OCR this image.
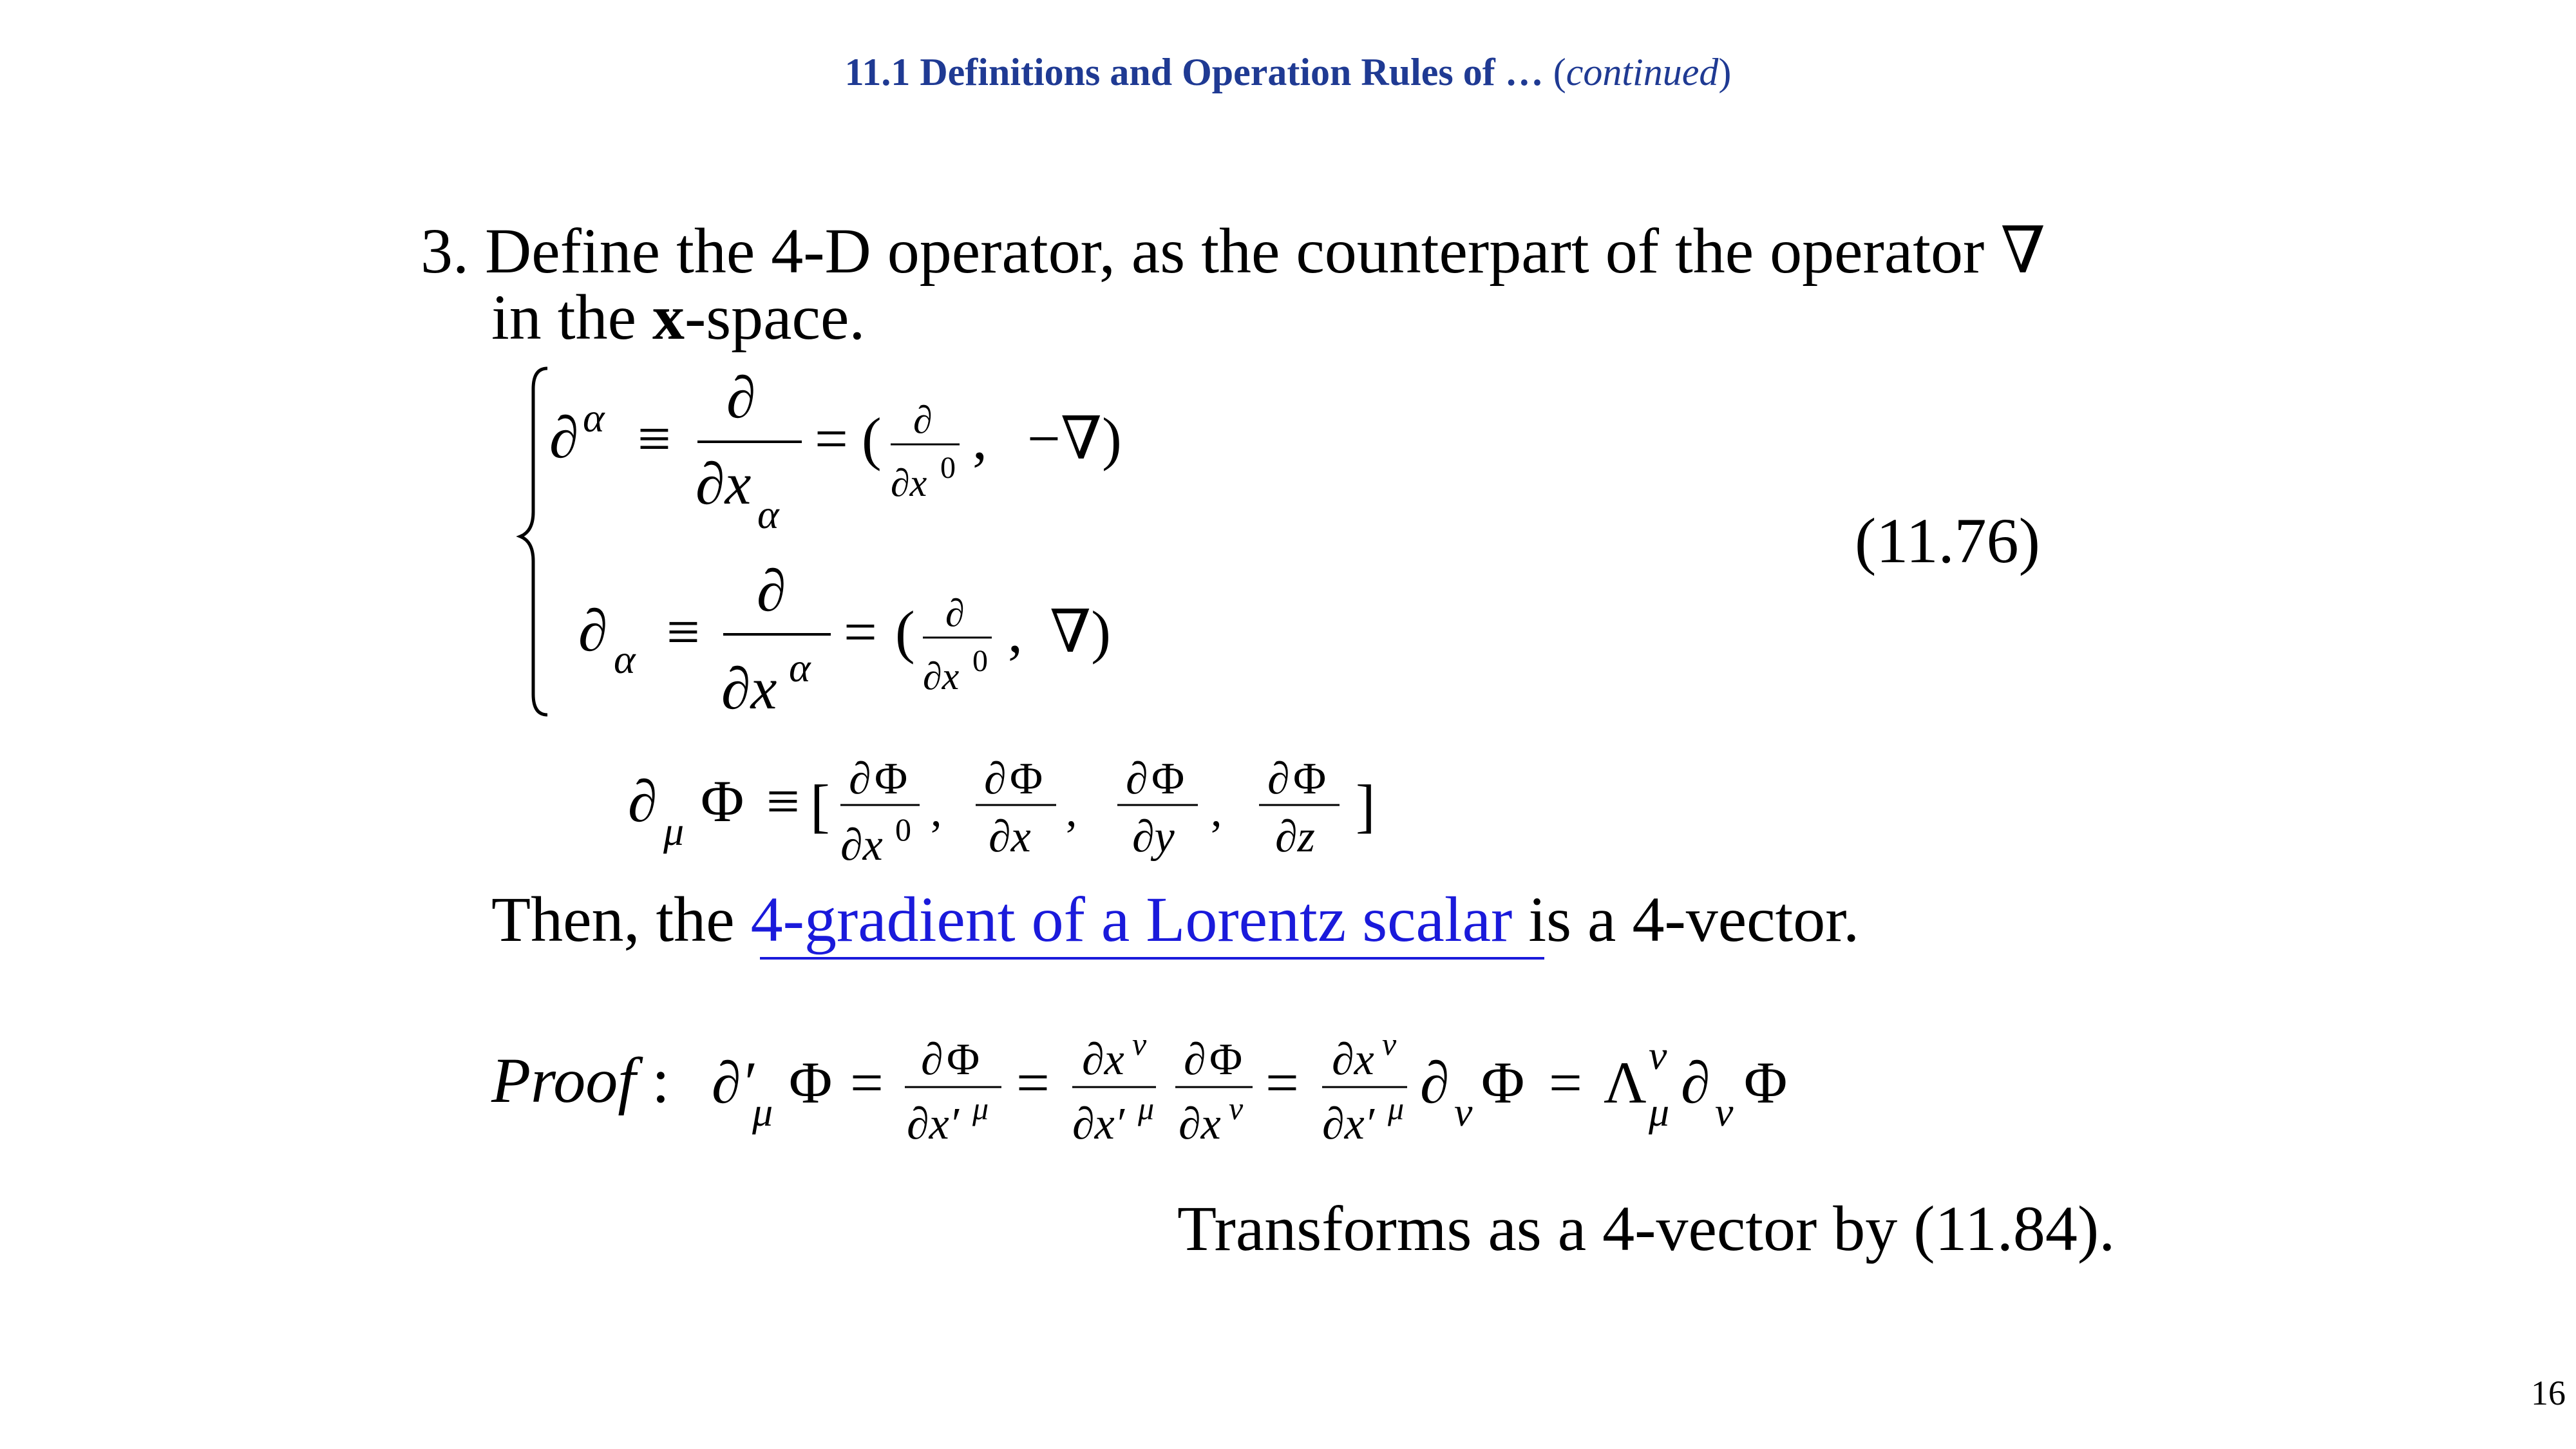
11.1 Definitions and Operation Rules of … (continued)
3. Define the 4-D operator, as the counterpart of the operator ∇
in the x-space.
∂ α ≡
∂
∂x α
= ( ∂
∂x 0 , −∇)
∂ α ≡
∂
∂x α
= ( ∂
∂x 0 , ∇)
∂ μ Φ ≡ [ ∂ Φ
∂x 0 ,
∂ Φ
∂x
,
∂ Φ
∂y
,
∂ Φ
∂z ]
(11.76)
Then, the 4-gradient of a Lorentz scalar is a 4-vector.
Proof : ∂′
μ Φ = ∂ Φ
∂x′ μ = ∂x ν
∂x′ μ
∂ Φ
∂x ν = ∂x ν
∂x′ μ ∂ ν Φ = Λ ν
μ ∂ ν Φ
Transforms as a 4-vector by (11.84).
16
